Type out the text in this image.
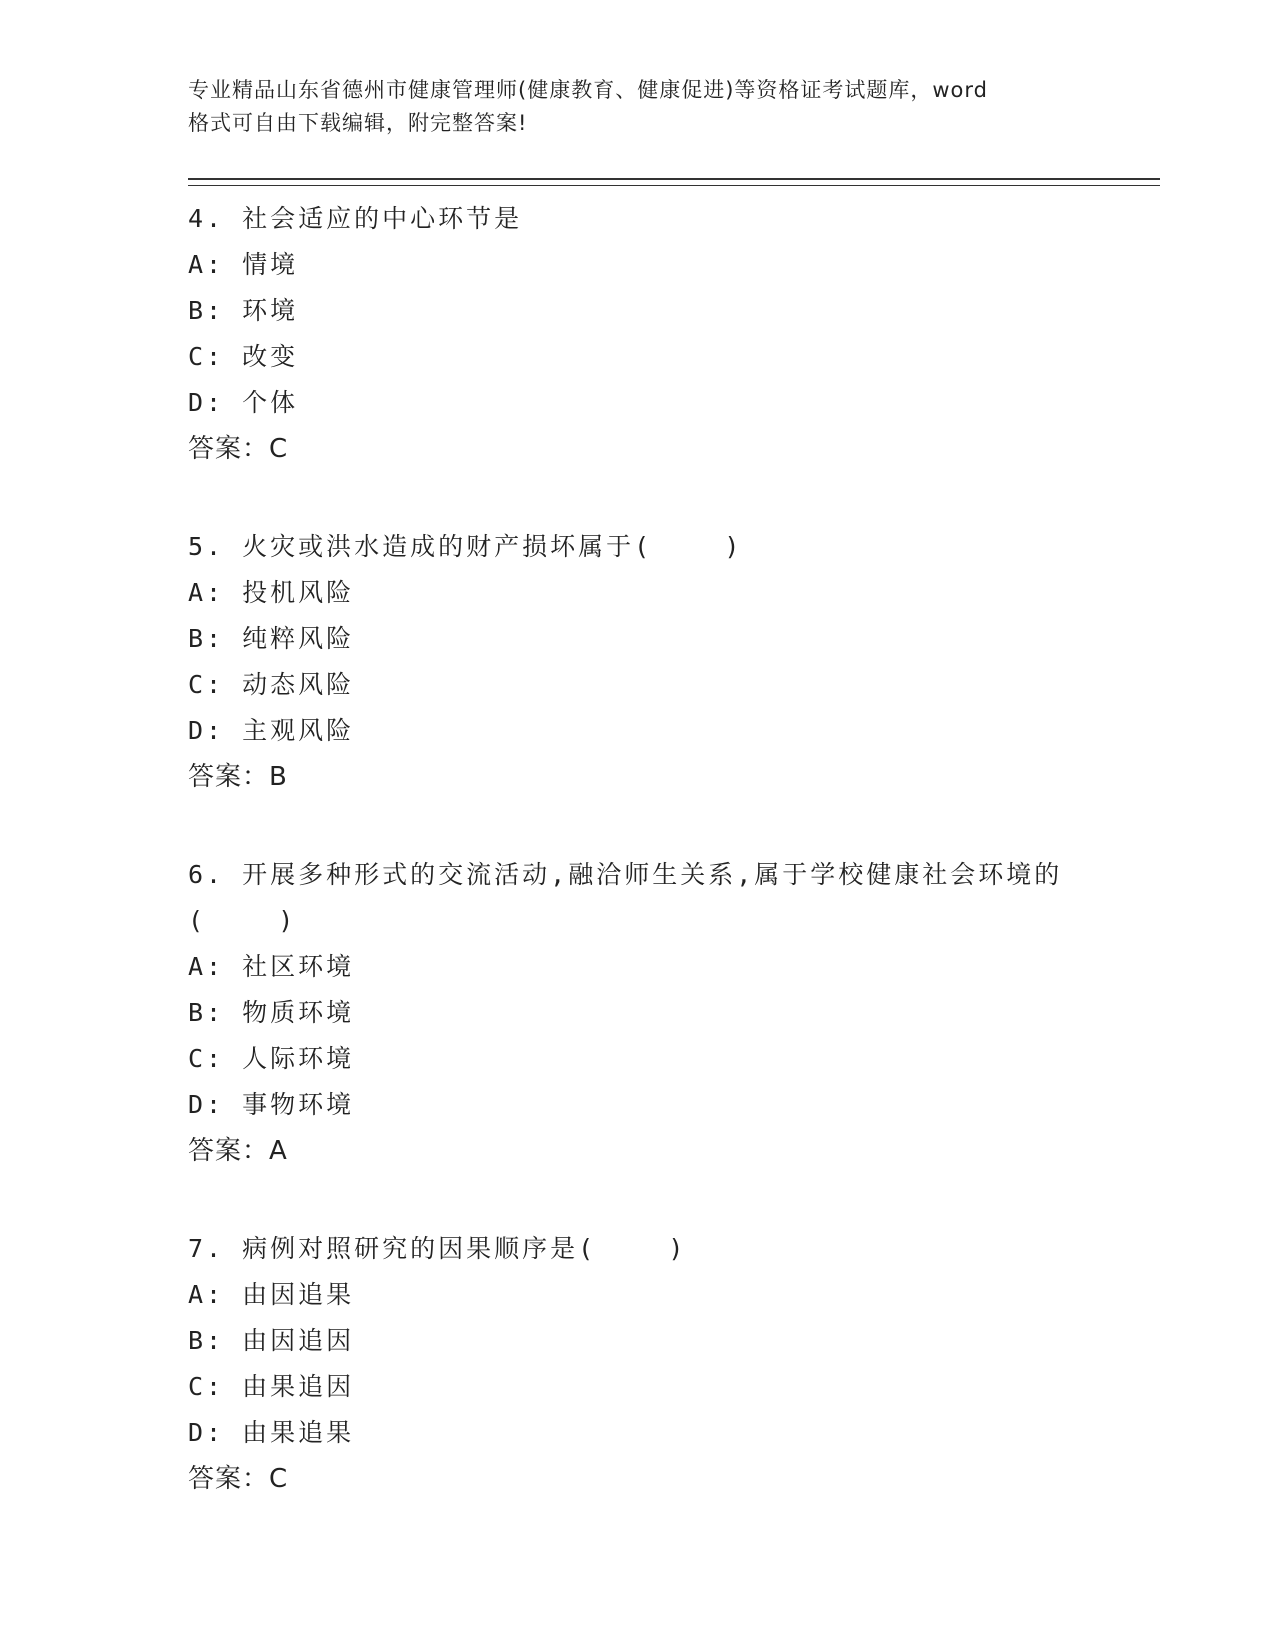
专业精品山东省德州市健康管理师(健康教育、健康促进)等资格证考试题库，word

格式可自由下载编辑，附完整答案!

4. 社会适应的中心环节是

A: 情境

B: 环境

C: 改变

D: 个体

答案：C

5. 火灾或洪水造成的财产损坏属于(    )

A: 投机风险

B: 纯粹风险

C: 动态风险

D: 主观风险

答案：B

6. 开展多种形式的交流活动,融洽师生关系,属于学校健康社会环境的
(    )

A: 社区环境

B: 物质环境

C: 人际环境

D: 事物环境

答案：A

7. 病例对照研究的因果顺序是(    )

A: 由因追果

B: 由因追因

C: 由果追因

D: 由果追果

答案：C
